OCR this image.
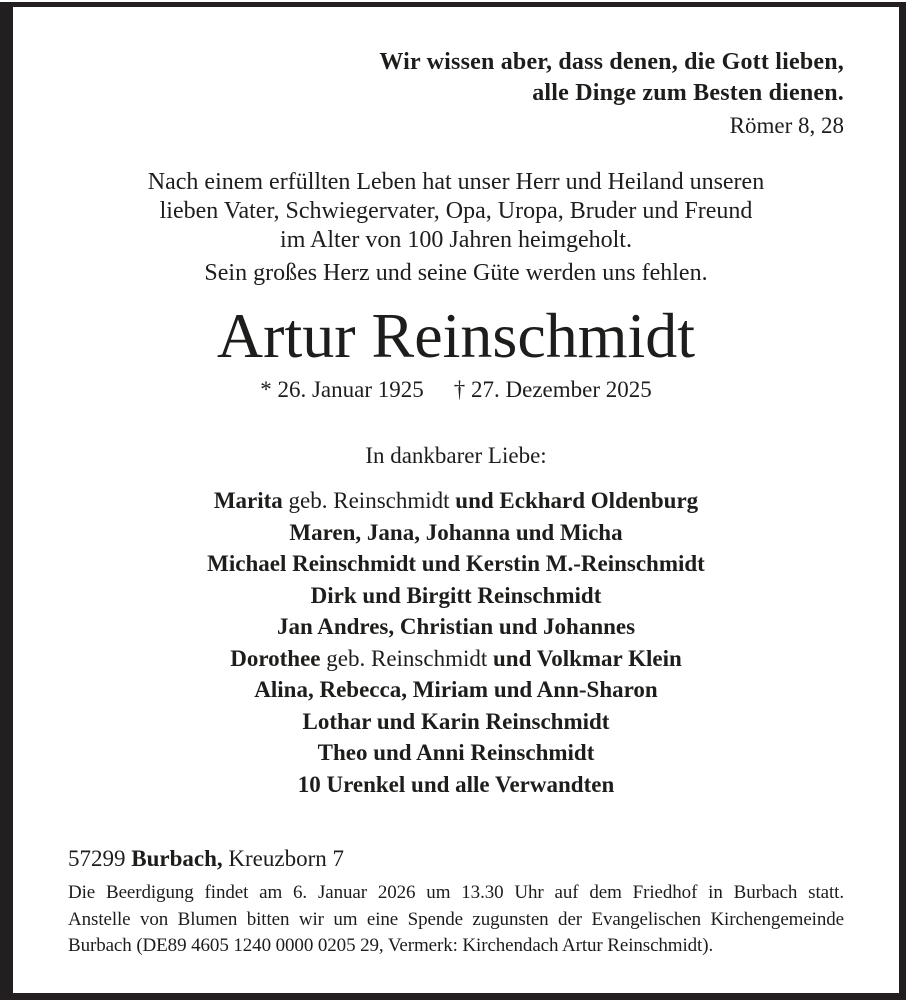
Wir wissen aber, dass denen, die Gott lieben,
alle Dinge zum Besten dienen.
Römer 8, 28
Nach einem erfüllten Leben hat unser Herr und Heiland unseren
lieben Vater, Schwiegervater, Opa, Uropa, Bruder und Freund
im Alter von 100 Jahren heimgeholt.
Sein großes Herz und seine Güte werden uns fehlen.
Artur Reinschmidt
* 26. Januar 1925 † 27. Dezember 2025
In dankbarer Liebe:
Marita geb. Reinschmidt und Eckhard Oldenburg
Maren, Jana, Johanna und Micha
Michael Reinschmidt und Kerstin M.-Reinschmidt
Dirk und Birgitt Reinschmidt
Jan Andres, Christian und Johannes
Dorothee geb. Reinschmidt und Volkmar Klein
Alina, Rebecca, Miriam und Ann-Sharon
Lothar und Karin Reinschmidt
Theo und Anni Reinschmidt
10 Urenkel und alle Verwandten
57299 Burbach, Kreuzborn 7
Die Beerdigung findet am 6. Januar 2026 um 13.30 Uhr auf dem Friedhof in Burbach statt.
Anstelle von Blumen bitten wir um eine Spende zugunsten der Evangelischen Kirchengemeinde
Burbach (DE89 4605 1240 0000 0205 29, Vermerk: Kirchendach Artur Reinschmidt).
